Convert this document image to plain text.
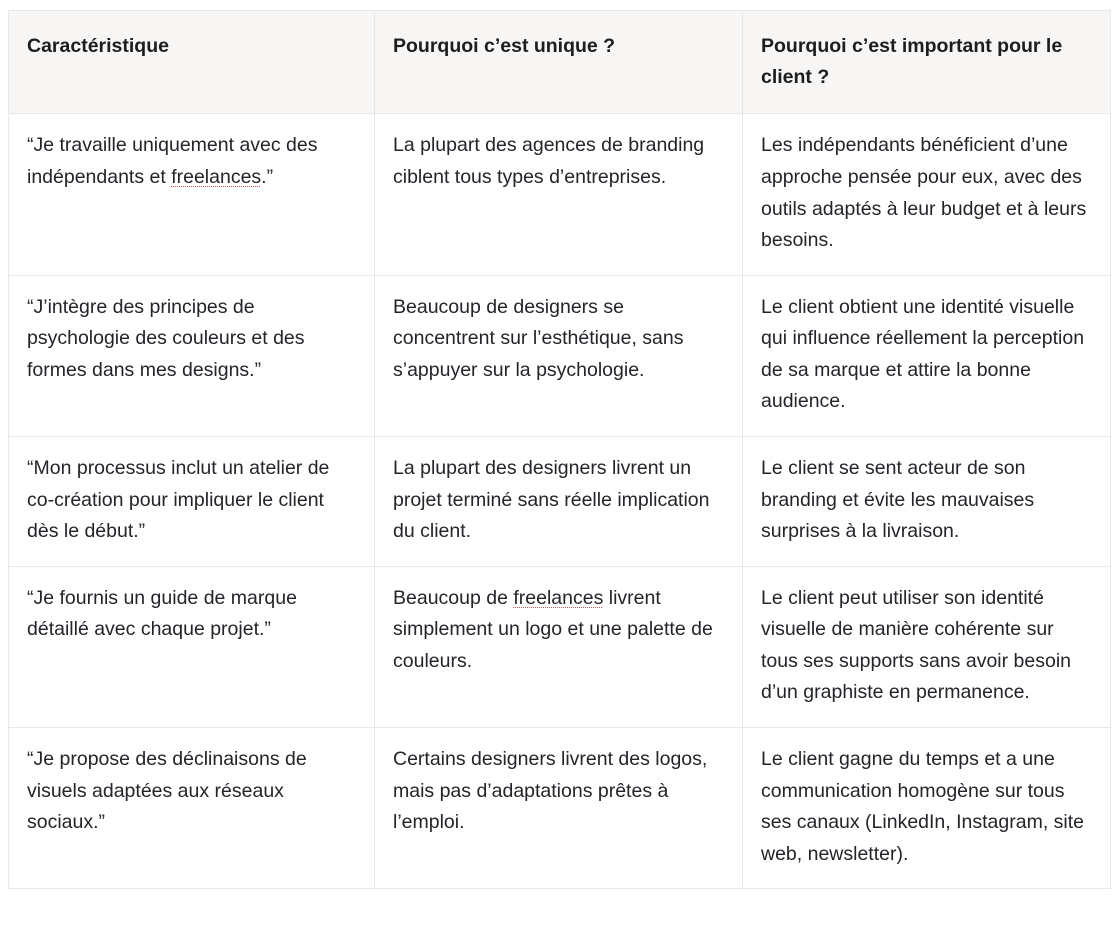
Caractéristique	Pourquoi c’est unique ?	Pourquoi c’est important pour le client ?
“Je travaille uniquement avec des indépendants et freelances.”	La plupart des agences de branding ciblent tous types d’entreprises.	Les indépendants bénéficient d’une approche pensée pour eux, avec des outils adaptés à leur budget et à leurs besoins.
“J’intègre des principes de psychologie des couleurs et des formes dans mes designs.”	Beaucoup de designers se concentrent sur l’esthétique, sans s’appuyer sur la psychologie.	Le client obtient une identité visuelle qui influence réellement la perception de sa marque et attire la bonne audience.
“Mon processus inclut un atelier de co-création pour impliquer le client dès le début.”	La plupart des designers livrent un projet terminé sans réelle implication du client.	Le client se sent acteur de son branding et évite les mauvaises surprises à la livraison.
“Je fournis un guide de marque détaillé avec chaque projet.”	Beaucoup de freelances livrent simplement un logo et une palette de couleurs.	Le client peut utiliser son identité visuelle de manière cohérente sur tous ses supports sans avoir besoin d’un graphiste en permanence.
“Je propose des déclinaisons de visuels adaptées aux réseaux sociaux.”	Certains designers livrent des logos, mais pas d’adaptations prêtes à l’emploi.	Le client gagne du temps et a une communication homogène sur tous ses canaux (LinkedIn, Instagram, site web, newsletter).
